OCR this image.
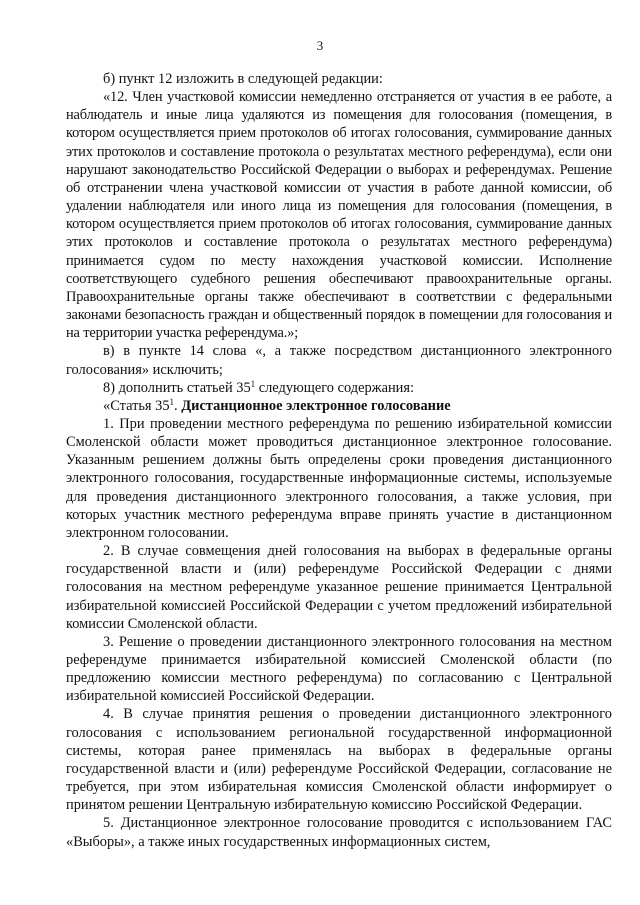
3

б) пункт 12 изложить в следующей редакции:

«12. Член участковой комиссии немедленно отстраняется от участия в ее работе, а наблюдатель и иные лица удаляются из помещения для голосования (помещения, в котором осуществляется прием протоколов об итогах голосования, суммирование данных этих протоколов и составление протокола о результатах местного референдума), если они нарушают законодательство Российской Федерации о выборах и референдумах. Решение об отстранении члена участковой комиссии от участия в работе данной комиссии, об удалении наблюдателя или иного лица из помещения для голосования (помещения, в котором осуществляется прием протоколов об итогах голосования, суммирование данных этих протоколов и составление протокола о результатах местного референдума) принимается судом по месту нахождения участковой комиссии. Исполнение соответствующего судебного решения обеспечивают правоохранительные органы. Правоохранительные органы также обеспечивают в соответствии с федеральными законами безопасность граждан и общественный порядок в помещении для голосования и на территории участка референдума.»;

в) в пункте 14 слова «, а также посредством дистанционного электронного голосования» исключить;

8) дополнить статьей $35^1$ следующего содержания:

«Статья $35^1$. Дистанционное электронное голосование

1. При проведении местного референдума по решению избирательной комиссии Смоленской области может проводиться дистанционное электронное голосование. Указанным решением должны быть определены сроки проведения дистанционного электронного голосования, государственные информационные системы, используемые для проведения дистанционного электронного голосования, а также условия, при которых участник местного референдума вправе принять участие в дистанционном электронном голосовании.

2. В случае совмещения дней голосования на выборах в федеральные органы государственной власти и (или) референдуме Российской Федерации с днями голосования на местном референдуме указанное решение принимается Центральной избирательной комиссией Российской Федерации с учетом предложений избирательной комиссии Смоленской области.

3. Решение о проведении дистанционного электронного голосования на местном референдуме принимается избирательной комиссией Смоленской области (по предложению комиссии местного референдума) по согласованию с Центральной избирательной комиссией Российской Федерации.

4. В случае принятия решения о проведении дистанционного электронного голосования с использованием региональной государственной информационной системы, которая ранее применялась на выборах в федеральные органы государственной власти и (или) референдуме Российской Федерации, согласование не требуется, при этом избирательная комиссия Смоленской области информирует о принятом решении Центральную избирательную комиссию Российской Федерации.

5. Дистанционное электронное голосование проводится с использованием ГАС «Выборы», а также иных государственных информационных систем,
